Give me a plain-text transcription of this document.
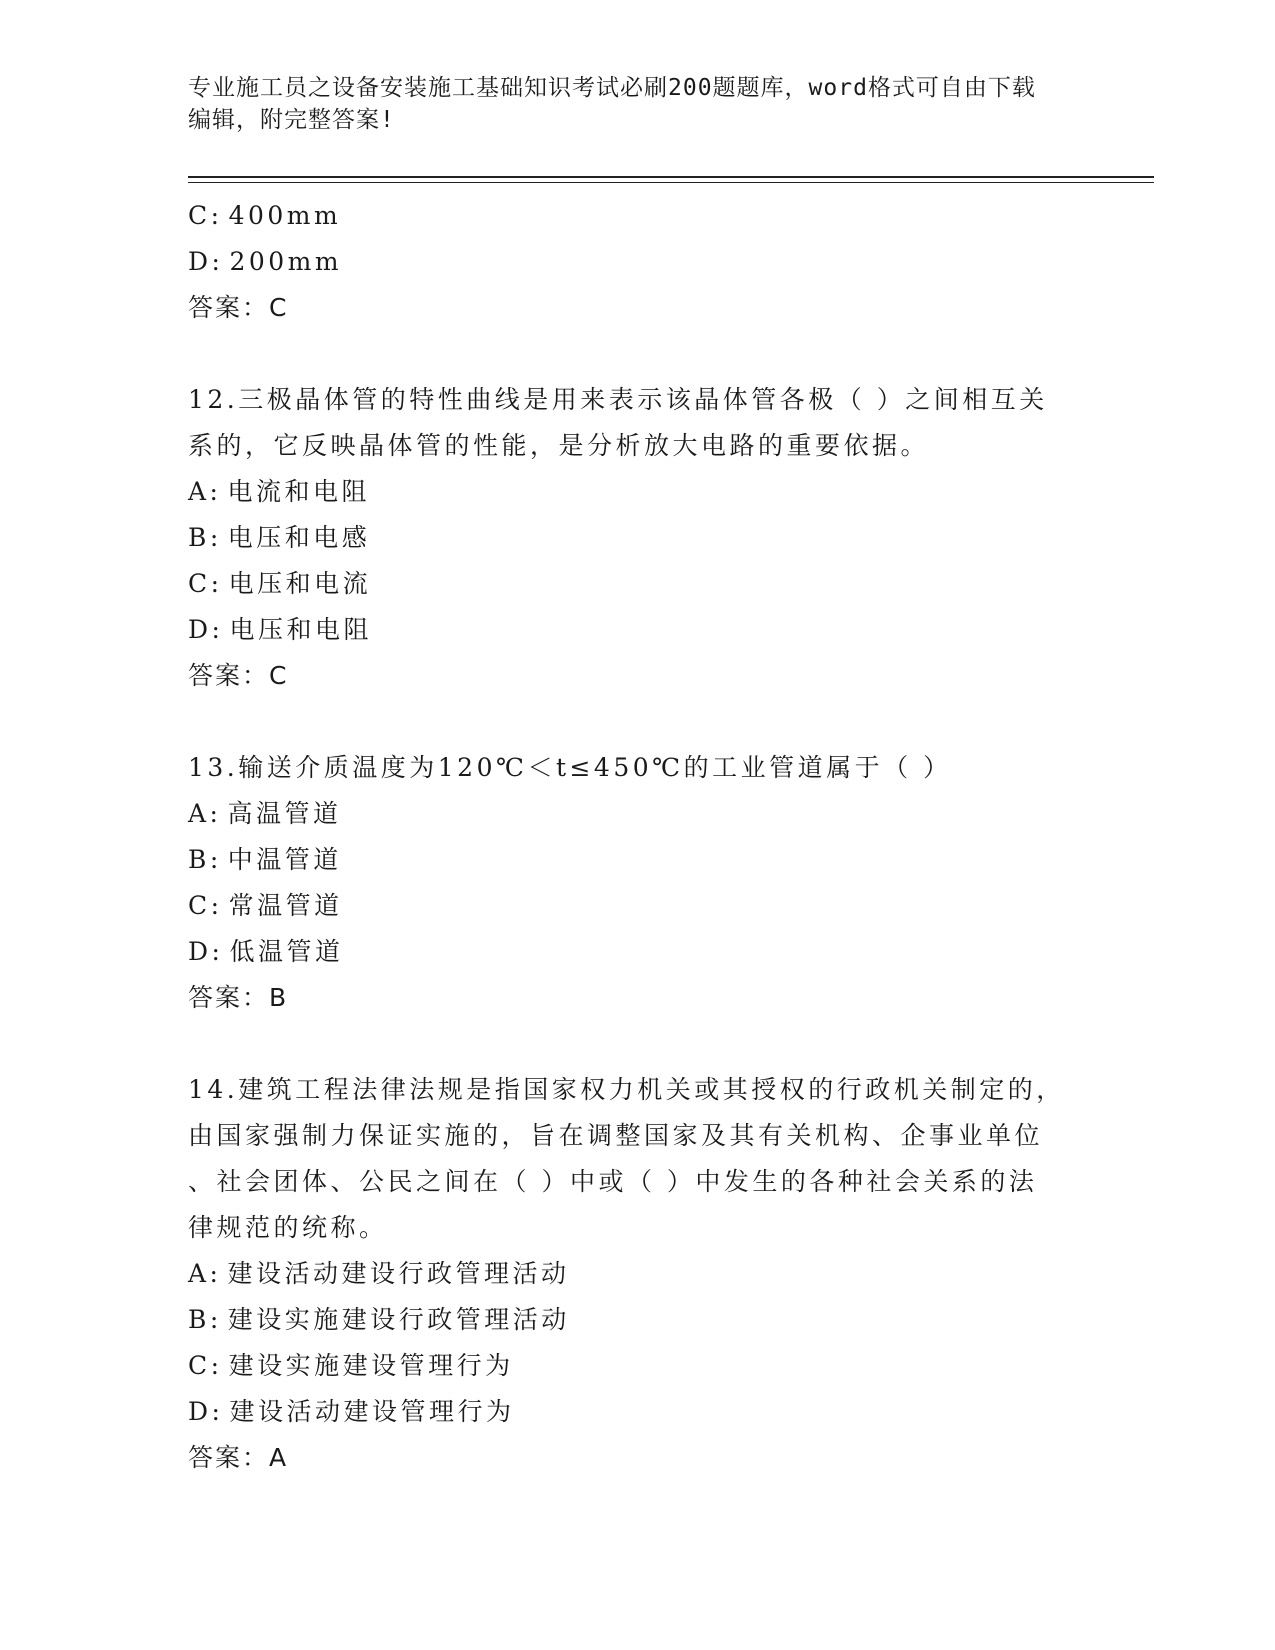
专业施工员之设备安装施工基础知识考试必刷200题题库，word格式可自由下载
编辑，附完整答案!
C: 400mm
D: 200mm
答案：C
12.三极晶体管的特性曲线是用来表示该晶体管各极（ ）之间相互关
系的，它反映晶体管的性能，是分析放大电路的重要依据。
A: 电流和电阻
B: 电压和电感
C: 电压和电流
D: 电压和电阻
答案：C
13.输送介质温度为120℃＜t≤450℃的工业管道属于（ ）
A: 高温管道
B: 中温管道
C: 常温管道
D: 低温管道
答案：B
14.建筑工程法律法规是指国家权力机关或其授权的行政机关制定的，
由国家强制力保证实施的，旨在调整国家及其有关机构、企事业单位
、社会团体、公民之间在（ ）中或（ ）中发生的各种社会关系的法
律规范的统称。
A: 建设活动建设行政管理活动
B: 建设实施建设行政管理活动
C: 建设实施建设管理行为
D: 建设活动建设管理行为
答案：A
